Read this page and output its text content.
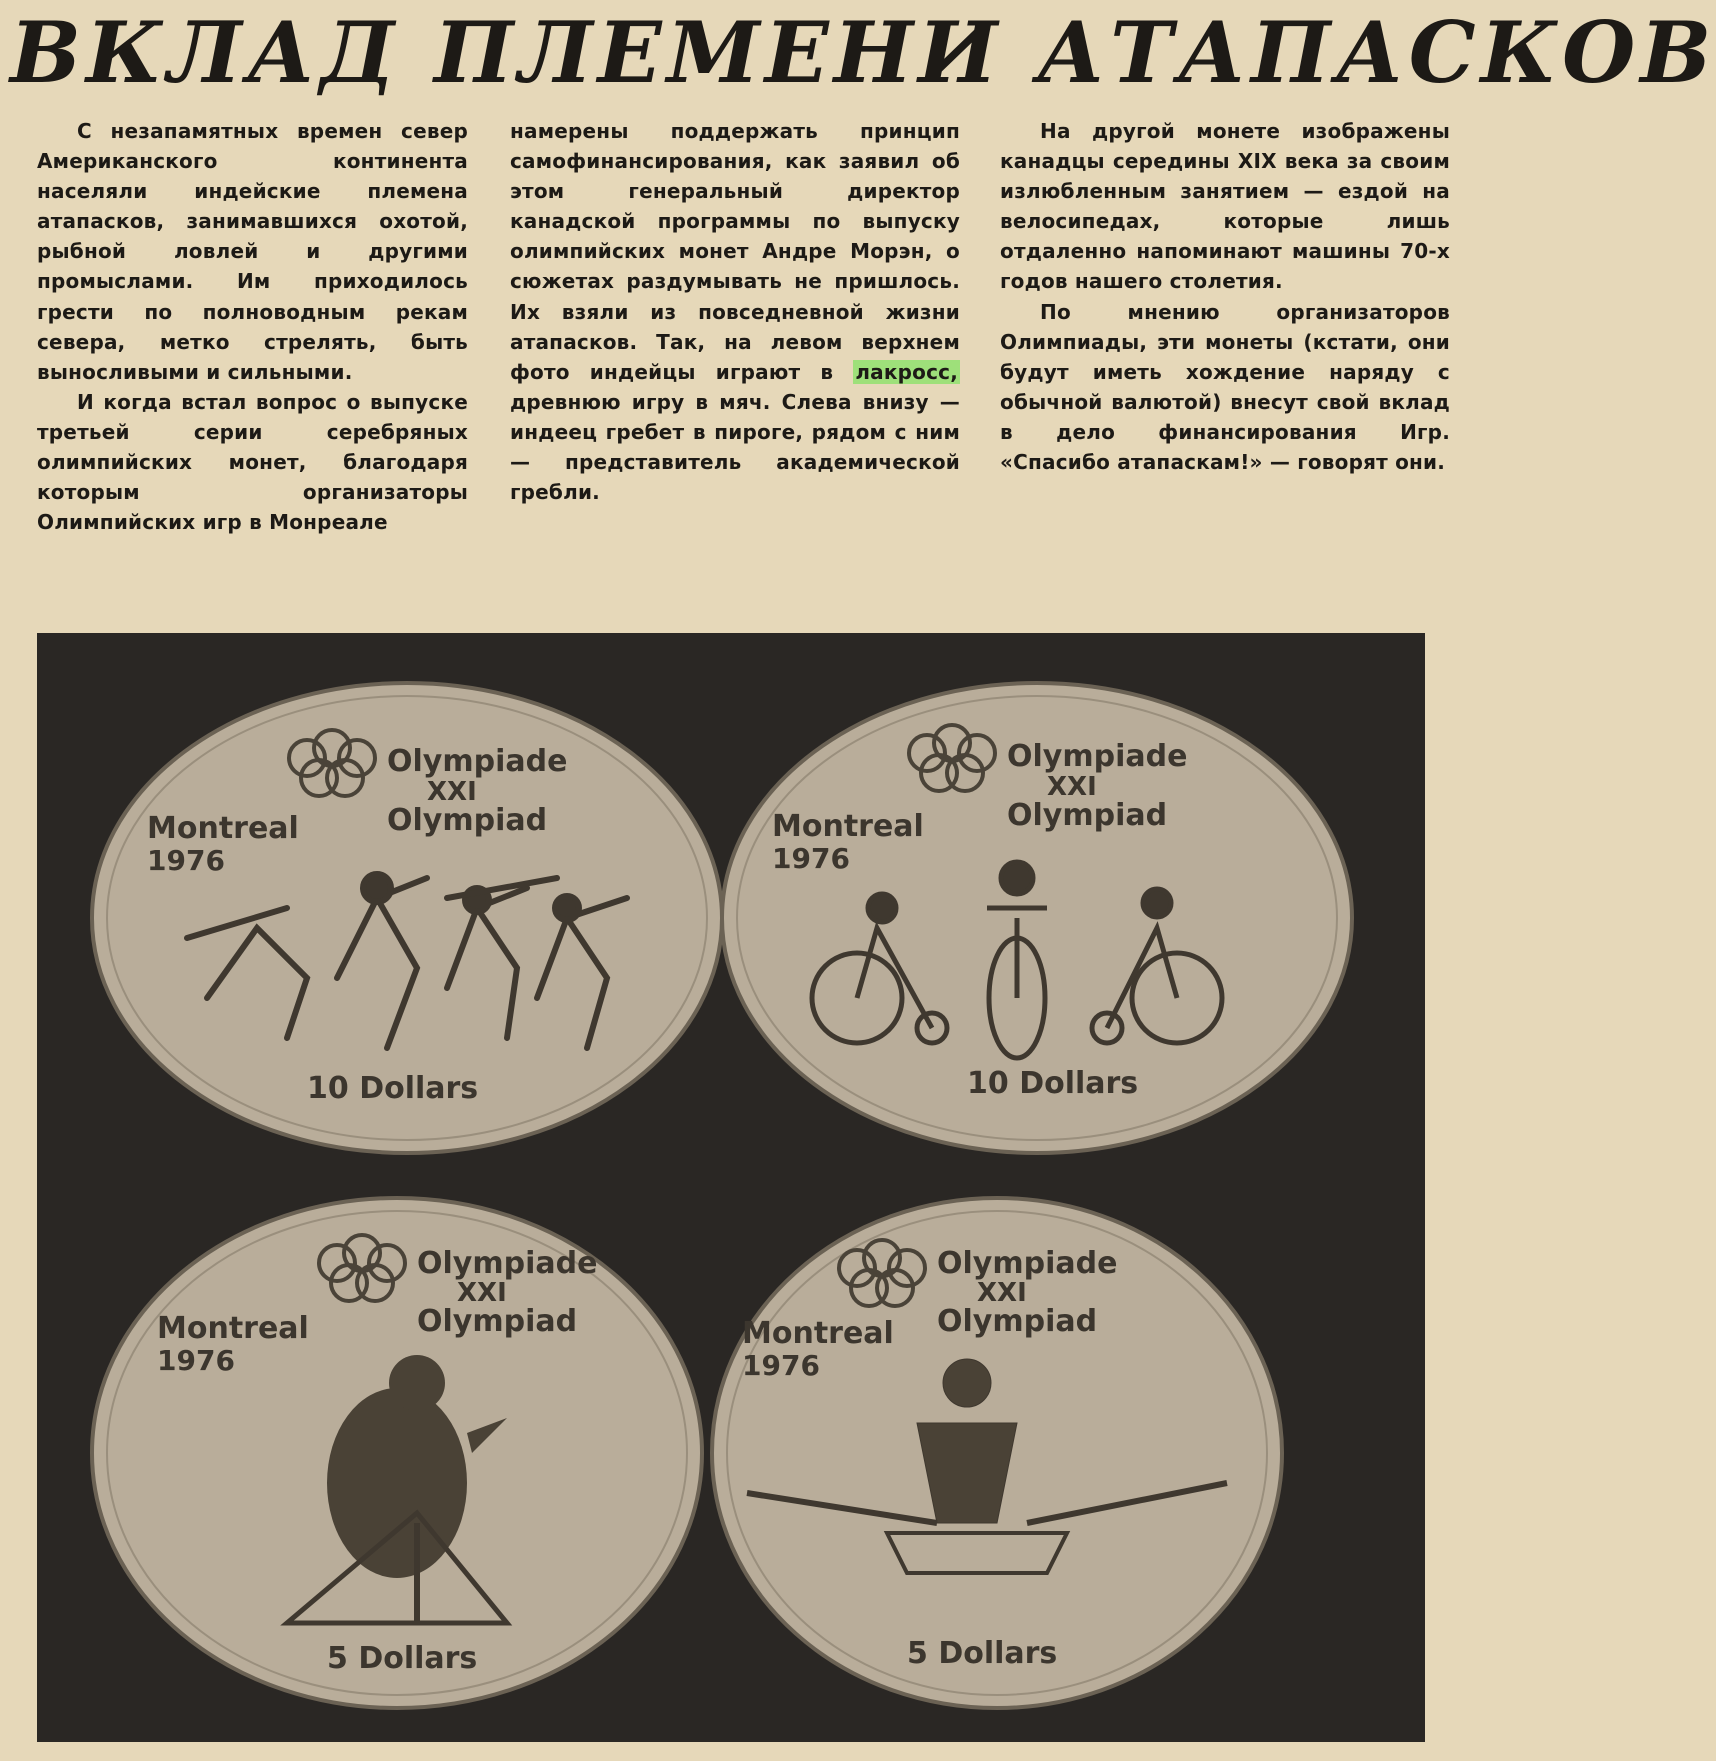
ВКЛАД ПЛЕМЕНИ АТАПАСКОВ

С незапамятных времен север Американского континента населяли индейские племена атапасков, занимавшихся охотой, рыбной ловлей и другими промыслами. Им приходилось грести по полноводным рекам севера, метко стрелять, быть выносливыми и сильными.

И когда встал вопрос о выпуске третьей серии серебряных олимпийских монет, благодаря которым организаторы Олимпийских игр в Монреале

намерены поддержать принцип самофинансирования, как заявил об этом генеральный директор канадской программы по выпуску олимпийских монет Андре Морэн, о сюжетах раздумывать не пришлось. Их взяли из повседневной жизни атапасков. Так, на левом верхнем фото индейцы играют в лакросс, древнюю игру в мяч. Слева внизу — индеец гребет в пироге, рядом с ним — представитель академической гребли.

На другой монете изображены канадцы середины XIX века за своим излюбленным занятием — ездой на велосипедах, которые лишь отдаленно напоминают машины 70-х годов нашего столетия.

По мнению организаторов Олимпиады, эти монеты (кстати, они будут иметь хождение наряду с обычной валютой) внесут свой вклад в дело финансирования Игр. «Спасибо атапаскам!» — говорят они.

Olympiade
XXI
Olympiad
Montreal
1976
10 Dollars
Olympiade
XXI
Olympiad
Montreal
1976
10 Dollars
Olympiade
XXI
Olympiad
Montreal
1976
5 Dollars
Olympiade
XXI
Olympiad
Montreal
1976
5 Dollars
